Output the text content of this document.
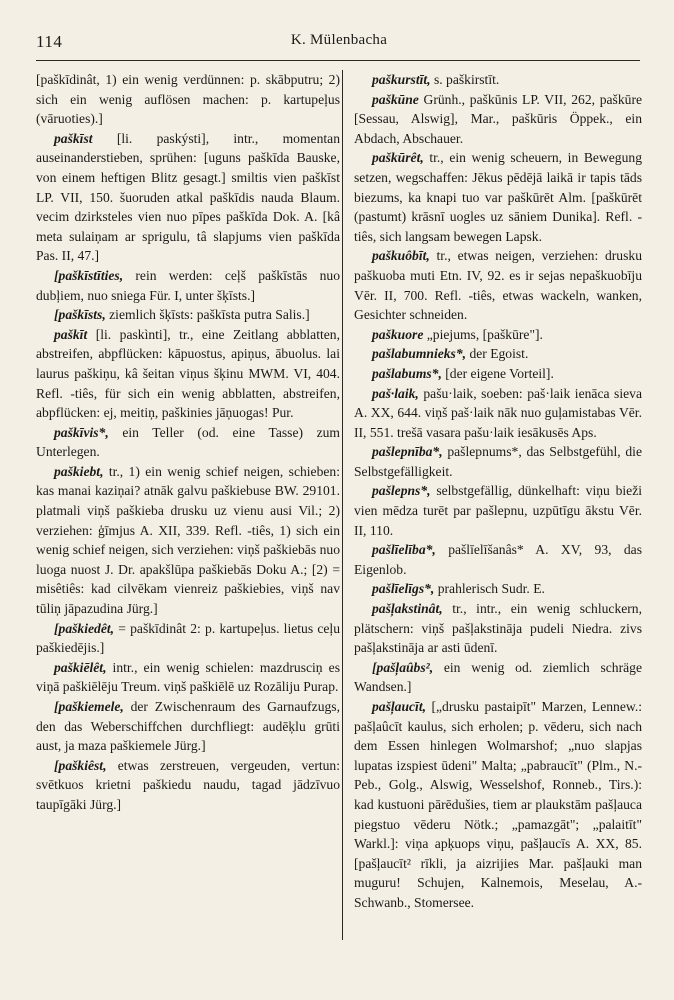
114	K. Mülenbacha

[paškīdinât, 1) ein wenig verdünnen: p. skābputru; 2) sich ein wenig auflösen machen: p. kartupeļus (vāruoties).]

paškīst [li. paskýsti], intr., momentan auseinanderstieben, sprühen: [uguns paškīda Bauske, von einem heftigen Blitz gesagt.] smiltis vien paškīst LP. VII, 150. šuoruden atkal paškīdis nauda Blaum. vecim dzirksteles vien nuo pīpes paškīda Dok. A. [kâ meta sulaiņam ar sprigulu, tâ slapjums vien paškīda Pas. II, 47.]

[paškīstīties, rein werden: ceļš paškīstās nuo dubļiem, nuo sniega Für. I, unter šķīsts.]

[paškīsts, ziemlich šķīsts: paškīsta putra Salis.]

paškīt [li. paskìnti], tr., eine Zeitlang abblatten, abstreifen, abpflücken: kāpuostus, apiņus, ābuolus. lai laurus paškiņu, kâ šeitan viņus šķinu MWM. VI, 404. Refl. -tiês, für sich ein wenig abblatten, abstreifen, abpflücken: ej, meitiņ, paškinies jāņuogas! Pur.

paškīvis*, ein Teller (od. eine Tasse) zum Unterlegen.

paškiebt, tr., 1) ein wenig schief neigen, schieben: kas manai kaziņai? atnāk galvu paškiebuse BW. 29101. platmali viņš paškieba drusku uz vienu ausi Vil.; 2) verziehen: ģīmjus A. XII, 339. Refl. -tiês, 1) sich ein wenig schief neigen, sich verziehen: viņš paškiebās nuo luoga nuost J. Dr. apakšlūpa paškiebās Doku A.; [2) = misêtiês: kad cilvēkam vienreiz paškiebies, viņš nav tūliņ jāpazudina Jürg.]

[paškiedêt, = paškīdinât 2: p. kartupeļus. lietus ceļu paškiedējis.]

paškiēlêt, intr., ein wenig schielen: mazdrusciņ es viņā paškiēlēju Treum. viņš paškiēlē uz Rozāliju Purap.

[paškiemele, der Zwischenraum des Garnaufzugs, den das Weberschiffchen durchfliegt: audēķlu grūti aust, ja maza paškiemele Jürg.]

[paškiêst, etwas zerstreuen, vergeuden, vertun: svētkuos krietni paškiedu naudu, tagad jādzīvuo taupīgāki Jürg.]

paškurstīt, s. paškirstīt.

paškūne Grünh., paškūnis LP. VII, 262, paškūre [Sessau, Alswig], Mar., paškūris Öppek., ein Abdach, Abschauer.

paškūrêt, tr., ein wenig scheuern, in Bewegung setzen, wegschaffen: Jēkus pēdējā laikā ir tapis tāds biezums, ka knapi tuo var paškūrēt Alm. [paškūrēt (pastumt) krāsnī uogles uz sāniem Dunika]. Refl. -tiês, sich langsam bewegen Lapsk.

paškuôbīt, tr., etwas neigen, verziehen: drusku paškuoba muti Etn. IV, 92. es ir sejas nepaškuobīju Vēr. II, 700. Refl. -tiês, etwas wackeln, wanken, Gesichter schneiden.

paškuore „piejums, [paškūre"].

pašlabumnieks*, der Egoist.

pašlabums*, [der eigene Vorteil].

paš·laik, pašu·laik, soeben: paš·laik ienāca sieva A. XX, 644. viņš paš·laik nāk nuo guļamistabas Vēr. II, 551. trešā vasara pašu·laik iesākusēs Aps.

pašlepnība*, pašlepnums*, das Selbstgefühl, die Selbstgefälligkeit.

pašlepns*, selbstgefällig, dünkelhaft: viņu bieži vien mēdza turēt par pašlepnu, uzpūtīgu ākstu Vēr. II, 110.

pašlīelība*, pašlīelīšanâs* A. XV, 93, das Eigenlob.

pašlīelīgs*, prahlerisch Sudr. E.

pašļakstinât, tr., intr., ein wenig schluckern, plätschern: viņš pašļakstināja pudeli Niedra. zivs pašļakstināja ar asti ūdenī.

[pašļaûbs², ein wenig od. ziemlich schräge Wandsen.]

pašļaucīt, [„drusku pastaipīt" Marzen, Lennew.: pašļaûcīt kaulus, sich erholen; p. vēderu, sich nach dem Essen hinlegen Wolmarshof; „nuo slapjas lupatas izspiest ūdeni" Malta; „pabraucīt" (Plm., N.-Peb., Golg., Alswig, Wesselshof, Ronneb., Tirs.): kad kustuoni pārēdušies, tiem ar plaukstām pašļauca piegstuo vēderu Nötk.; „pamazgāt"; „palaitīt" Warkl.]: viņa apķuops viņu, pašļaucīs A. XX, 85. [pašļaucīt² rīkli, ja aizrijies Mar. pašļauki man muguru! Schujen, Kalnemois, Meselau, A.-Schwanb., Stomersee.
